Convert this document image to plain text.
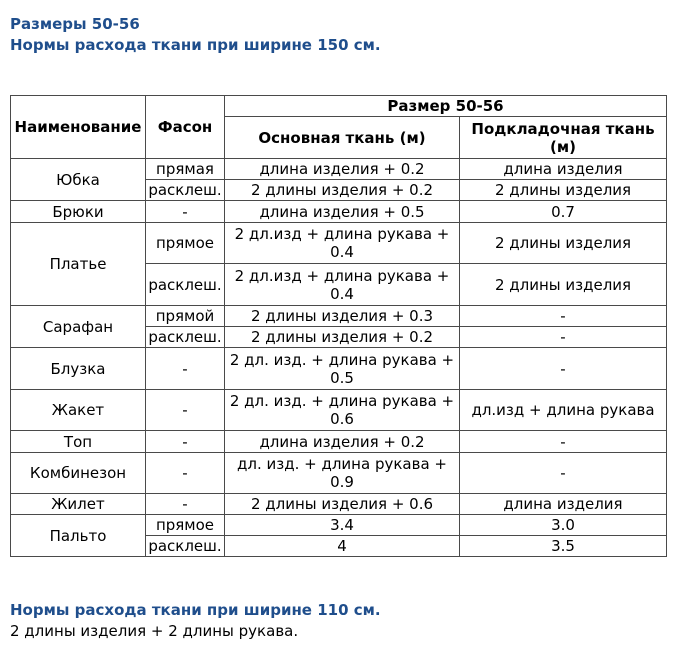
Размеры 50-56
Нормы расхода ткани при ширине 150 см.
Наименование	Фасон	Размер 50-56	
		Основная ткань (м)	Подкладочная ткань (м)
Юбка	прямая	длина изделия + 0.2	длина изделия
	расклеш.	2 длины изделия + 0.2	2 длины изделия
Брюки	-	длина изделия + 0.5	0.7
Платье	прямое	2 дл.изд + длина рукава + 0.4	2 длины изделия
	расклеш.	2 дл.изд + длина рукава + 0.4	2 длины изделия
Сарафан	прямой	2 длины изделия + 0.3	-
	расклеш.	2 длины изделия + 0.2	-
Блузка	-	2 дл. изд. + длина рукава + 0.5	-
Жакет	-	2 дл. изд. + длина рукава + 0.6	дл.изд + длина рукава
Топ	-	длина изделия + 0.2	-
Комбинезон	-	дл. изд. + длина рукава + 0.9	-
Жилет	-	2 длины изделия + 0.6	длина изделия
Пальто	прямое	3.4	3.0
	расклеш.	4	3.5
Нормы расхода ткани при ширине 110 см.
2 длины изделия + 2 длины рукава.
